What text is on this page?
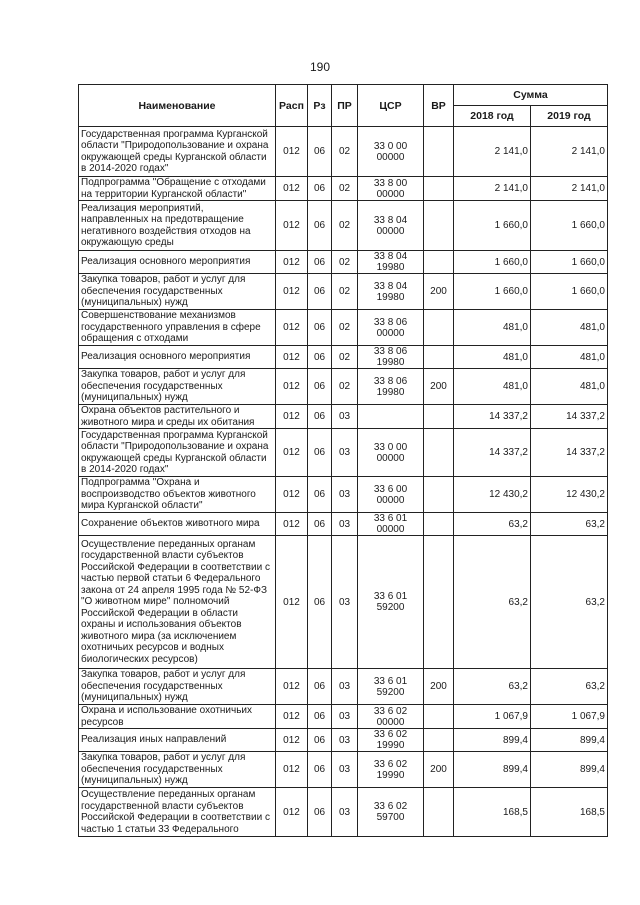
190
Наименование	Расп	Рз	ПР	ЦСР	ВР	Сумма	
						2018 год	2019 год
Государственная программа Курганской области "Природопользование и охрана окружающей среды Курганской области в 2014-2020 годах"	012	06	02	33 0 00 00000		2 141,0	2 141,0
Подпрограмма "Обращение с отходами на территории Курганской области"	012	06	02	33 8 00 00000		2 141,0	2 141,0
Реализация мероприятий, направленных на предотвращение негативного воздействия отходов на окружающую среды	012	06	02	33 8 04 00000		1 660,0	1 660,0
Реализация основного мероприятия	012	06	02	33 8 04 19980		1 660,0	1 660,0
Закупка товаров, работ и услуг для обеспечения государственных (муниципальных) нужд	012	06	02	33 8 04 19980	200	1 660,0	1 660,0
Совершенствование механизмов государственного управления в сфере обращения с отходами	012	06	02	33 8 06 00000		481,0	481,0
Реализация основного мероприятия	012	06	02	33 8 06 19980		481,0	481,0
Закупка товаров, работ и услуг для обеспечения государственных (муниципальных) нужд	012	06	02	33 8 06 19980	200	481,0	481,0
Охрана объектов растительного и животного мира и среды их обитания	012	06	03			14 337,2	14 337,2
Государственная программа Курганской области "Природопользование и охрана окружающей среды Курганской области в 2014-2020 годах"	012	06	03	33 0 00 00000		14 337,2	14 337,2
Подпрограмма "Охрана и воспроизводство объектов животного мира Курганской области"	012	06	03	33 6 00 00000		12 430,2	12 430,2
Сохранение объектов животного мира	012	06	03	33 6 01 00000		63,2	63,2
Осуществление переданных органам государственной власти субъектов Российской Федерации в соответствии с частью первой статьи 6 Федерального закона от 24 апреля 1995 года № 52-ФЗ "О животном мире" полномочий Российской Федерации в области охраны и использования объектов животного мира (за исключением охотничьих ресурсов и водных биологических ресурсов)	012	06	03	33 6 01 59200		63,2	63,2
Закупка товаров, работ и услуг для обеспечения государственных (муниципальных) нужд	012	06	03	33 6 01 59200	200	63,2	63,2
Охрана и использование охотничьих ресурсов	012	06	03	33 6 02 00000		1 067,9	1 067,9
Реализация иных направлений	012	06	03	33 6 02 19990		899,4	899,4
Закупка товаров, работ и услуг для обеспечения государственных (муниципальных) нужд	012	06	03	33 6 02 19990	200	899,4	899,4
Осуществление переданных органам государственной власти субъектов Российской Федерации в соответствии с частью 1 статьи 33 Федерального	012	06	03	33 6 02 59700		168,5	168,5
